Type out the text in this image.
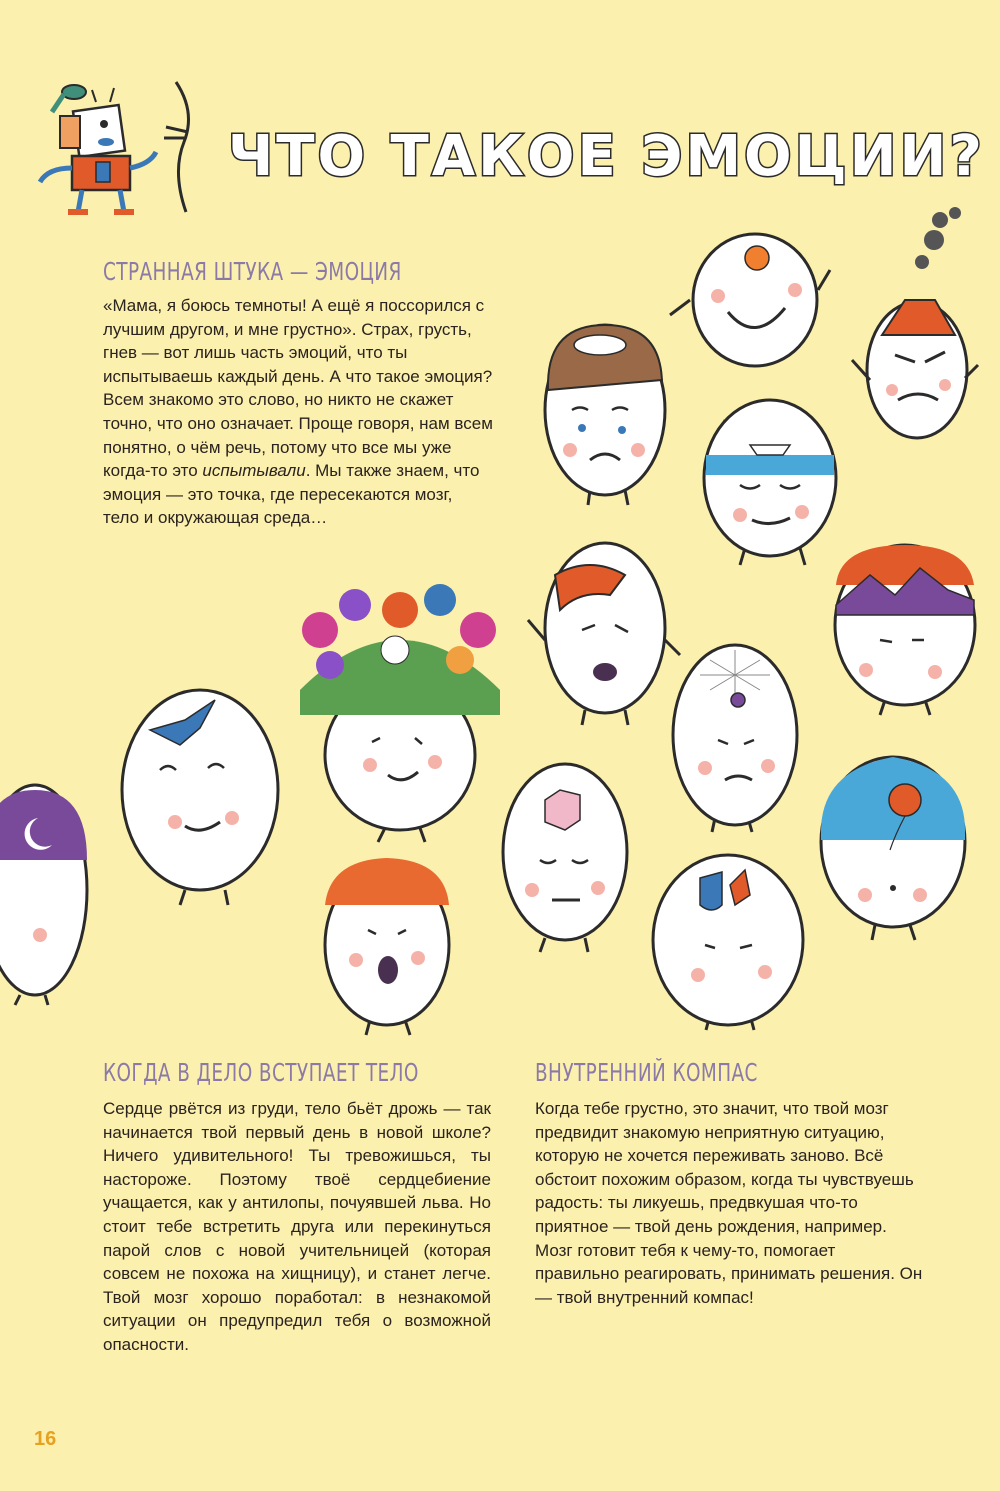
ЧТО ТАКОЕ ЭМОЦИИ?
СТРАННАЯ ШТУКА — ЭМОЦИЯ

«Мама, я боюсь темноты! А ещё я поссорился с лучшим другом, и мне грустно». Страх, грусть, гнев — вот лишь часть эмоций, что ты испытываешь каждый день. А что такое эмоция? Всем знакомо это слово, но никто не скажет точно, что оно означает. Проще говоря, нам всем понятно, о чём речь, потому что все мы уже когда-то это испытывали. Мы также знаем, что эмоция — это точка, где пересекаются мозг, тело и окружающая среда…

КОГДА В ДЕЛО ВСТУПАЕТ ТЕЛО

Сердце рвётся из груди, тело бьёт дрожь — так начинается твой первый день в новой школе? Ничего удивительного! Ты тревожишься, ты настороже. Поэтому твоё сердцебиение учащается, как у антилопы, почуявшей льва. Но стоит тебе встретить друга или перекинуться парой слов с новой учительницей (которая совсем не похожа на хищницу), и станет легче. Твой мозг хорошо поработал: в незнакомой ситуации он предупредил тебя о возможной опасности.

ВНУТРЕННИЙ КОМПАС

Когда тебе грустно, это значит, что твой мозг предвидит знакомую неприятную ситуацию, которую не хочется переживать заново. Всё обстоит похожим образом, когда ты чувствуешь радость: ты ликуешь, предвкушая что-то приятное — твой день рождения, например. Мозг готовит тебя к чему-то, помогает правильно реагировать, принимать решения. Он — твой внутренний компас!

16
